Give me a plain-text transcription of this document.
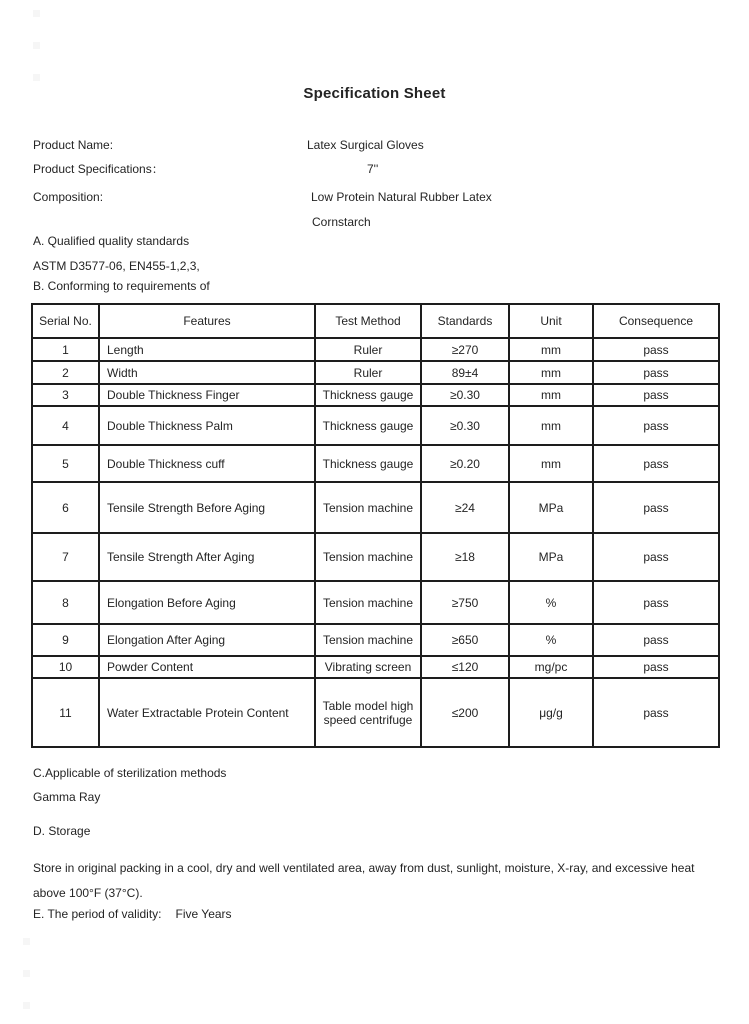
Specification Sheet
Product Name:	Latex Surgical Gloves
Product Specifications：	7''
Composition:	Low Protein Natural Rubber Latex
Cornstarch
A. Qualified quality standards
ASTM D3577-06, EN455-1,2,3,
B. Conforming to requirements of
Serial No.	Features	Test Method	Standards	Unit	Consequence
1	Length	Ruler	≥270	mm	pass
2	Width	Ruler	89±4	mm	pass
3	Double Thickness Finger	Thickness gauge	≥0.30	mm	pass
4	Double Thickness Palm	Thickness gauge	≥0.30	mm	pass
5	Double Thickness cuff	Thickness gauge	≥0.20	mm	pass
6	Tensile Strength Before Aging	Tension machine	≥24	MPa	pass
7	Tensile Strength After Aging	Tension machine	≥18	MPa	pass
8	Elongation Before Aging	Tension machine	≥750	%	pass
9	Elongation After Aging	Tension machine	≥650	%	pass
10	Powder Content	Vibrating screen	≤120	mg/pc	pass
11	Water Extractable Protein Content	Table model high speed centrifuge	≤200	μg/g	pass
C.Applicable of sterilization methods
Gamma Ray
D. Storage
Store in original packing in a cool, dry and well ventilated area, away from dust, sunlight, moisture, X-ray, and excessive heat above 100°F (37°C).
E. The period of validity: Five Years
